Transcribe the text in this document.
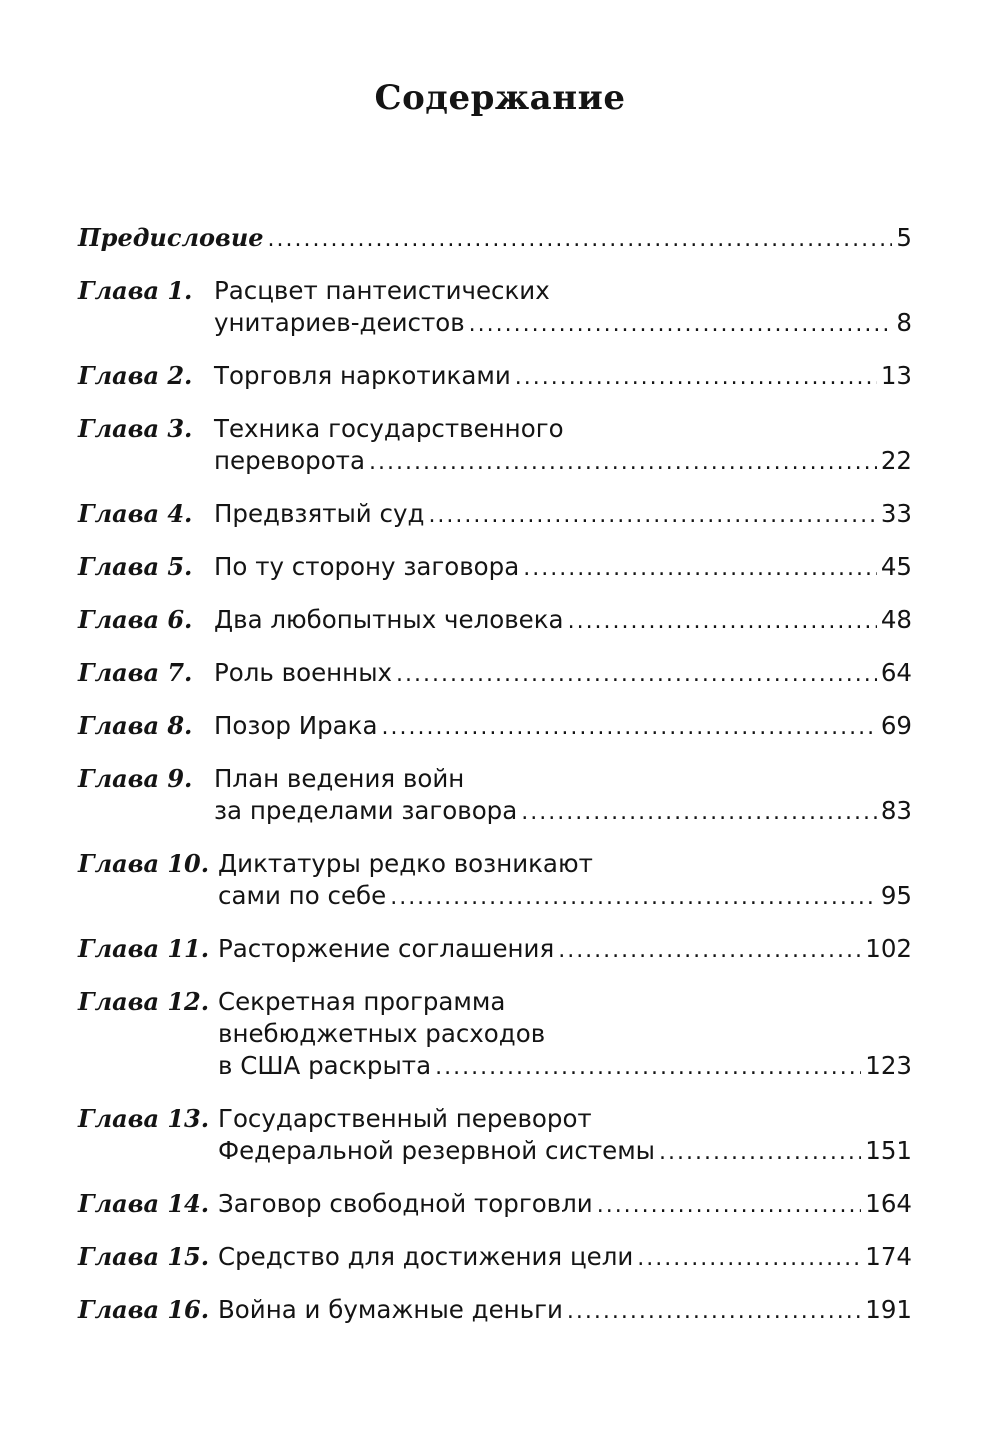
Содержание
Предисловие .....	5
Глава 1. Расцвет пантеистических
унитариев-деистов .....	8
Глава 2. Торговля наркотиками .....	13
Глава 3. Техника государственного
переворота .....	22
Глава 4. Предвзятый суд .....	33
Глава 5. По ту сторону заговора .....	45
Глава 6. Два любопытных человека .....	48
Глава 7. Роль военных .....	64
Глава 8. Позор Ирака .....	69
Глава 9. План ведения войн
за пределами заговора .....	83
Глава 10. Диктатуры редко возникают
сами по себе .....	95
Глава 11. Расторжение соглашения .....	102
Глава 12. Секретная программа
внебюджетных расходов
в США раскрыта .....	123
Глава 13. Государственный переворот
Федеральной резервной системы .....	151
Глава 14. Заговор свободной торговли .....	164
Глава 15. Средство для достижения цели .....	174
Глава 16. Война и бумажные деньги .....	191
